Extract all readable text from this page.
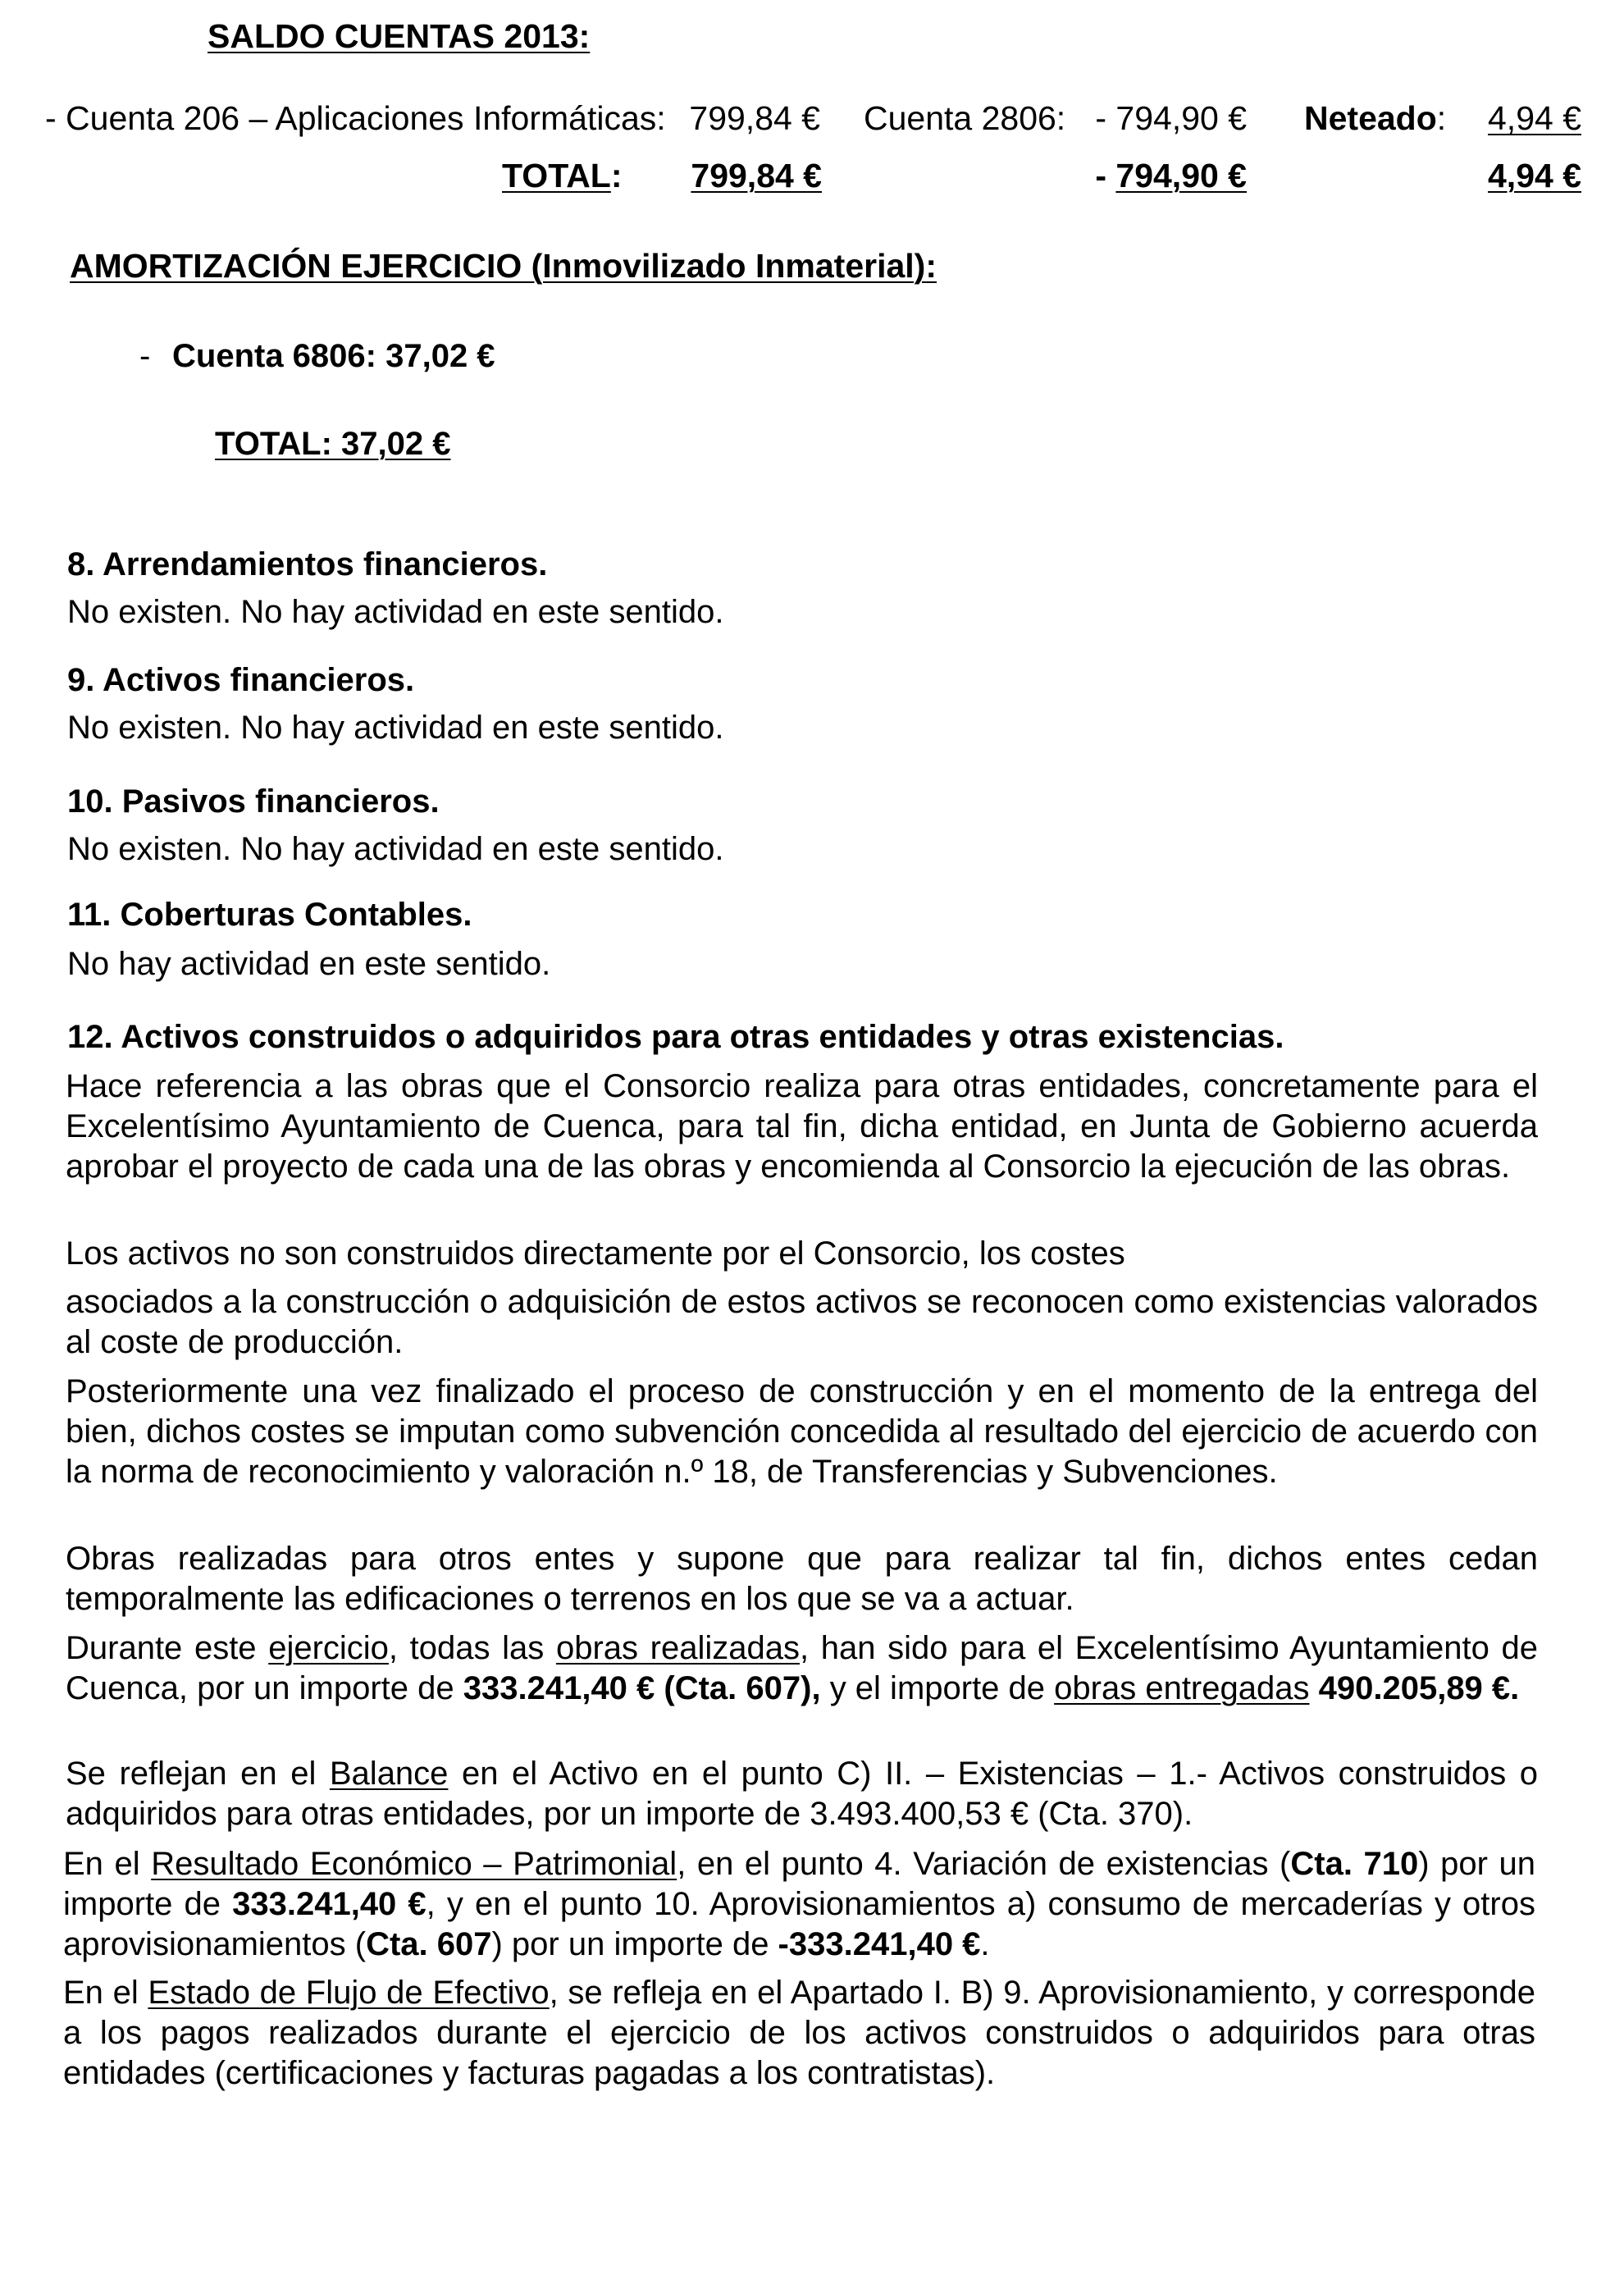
SALDO CUENTAS 2013:
- Cuenta 206 – Aplicaciones Informáticas: 799,84 € Cuenta 2806: - 794,90 € Neteado:	4,94 €
TOTAL:	799,84 €	- 794,90 €	4,94 €
AMORTIZACIÓN EJERCICIO (Inmovilizado Inmaterial):
- Cuenta 6806: 37,02 €
TOTAL: 37,02 €
8. Arrendamientos financieros.
No existen. No hay actividad en este sentido.
9. Activos financieros.
No existen. No hay actividad en este sentido.
10. Pasivos financieros.
No existen. No hay actividad en este sentido.
11. Coberturas Contables.
No hay actividad en este sentido.
12. Activos construidos o adquiridos para otras entidades y otras existencias.
Hace referencia a las obras que el Consorcio realiza para otras entidades, concretamente para el Excelentísimo Ayuntamiento de Cuenca, para tal fin, dicha entidad, en Junta de Gobierno acuerda aprobar el proyecto de cada una de las obras y encomienda al Consorcio la ejecución de las obras.
Los activos no son construidos directamente por el Consorcio, los costes
asociados a la construcción o adquisición de estos activos se reconocen como existencias valorados al coste de producción.
Posteriormente una vez finalizado el proceso de construcción y en el momento de la entrega del bien, dichos costes se imputan como subvención concedida al resultado del ejercicio de acuerdo con la norma de reconocimiento y valoración n.º 18, de Transferencias y Subvenciones.
Obras realizadas para otros entes y supone que para realizar tal fin, dichos entes cedan temporalmente las edificaciones o terrenos en los que se va a actuar.
Durante este ejercicio, todas las obras realizadas, han sido para el Excelentísimo Ayuntamiento de Cuenca, por un importe de 333.241,40 € (Cta. 607), y el importe de obras entregadas 490.205,89 €.
Se reflejan en el Balance en el Activo en el punto C) II. – Existencias – 1.- Activos construidos o adquiridos para otras entidades, por un importe de 3.493.400,53 € (Cta. 370).
En el Resultado Económico – Patrimonial, en el punto 4. Variación de existencias (Cta. 710) por un importe de 333.241,40 €, y en el punto 10. Aprovisionamientos a) consumo de mercaderías y otros aprovisionamientos (Cta. 607) por un importe de -333.241,40 €.
En el Estado de Flujo de Efectivo, se refleja en el Apartado I. B) 9. Aprovisionamiento, y corresponde a los pagos realizados durante el ejercicio de los activos construidos o adquiridos para otras entidades (certificaciones y facturas pagadas a los contratistas).
